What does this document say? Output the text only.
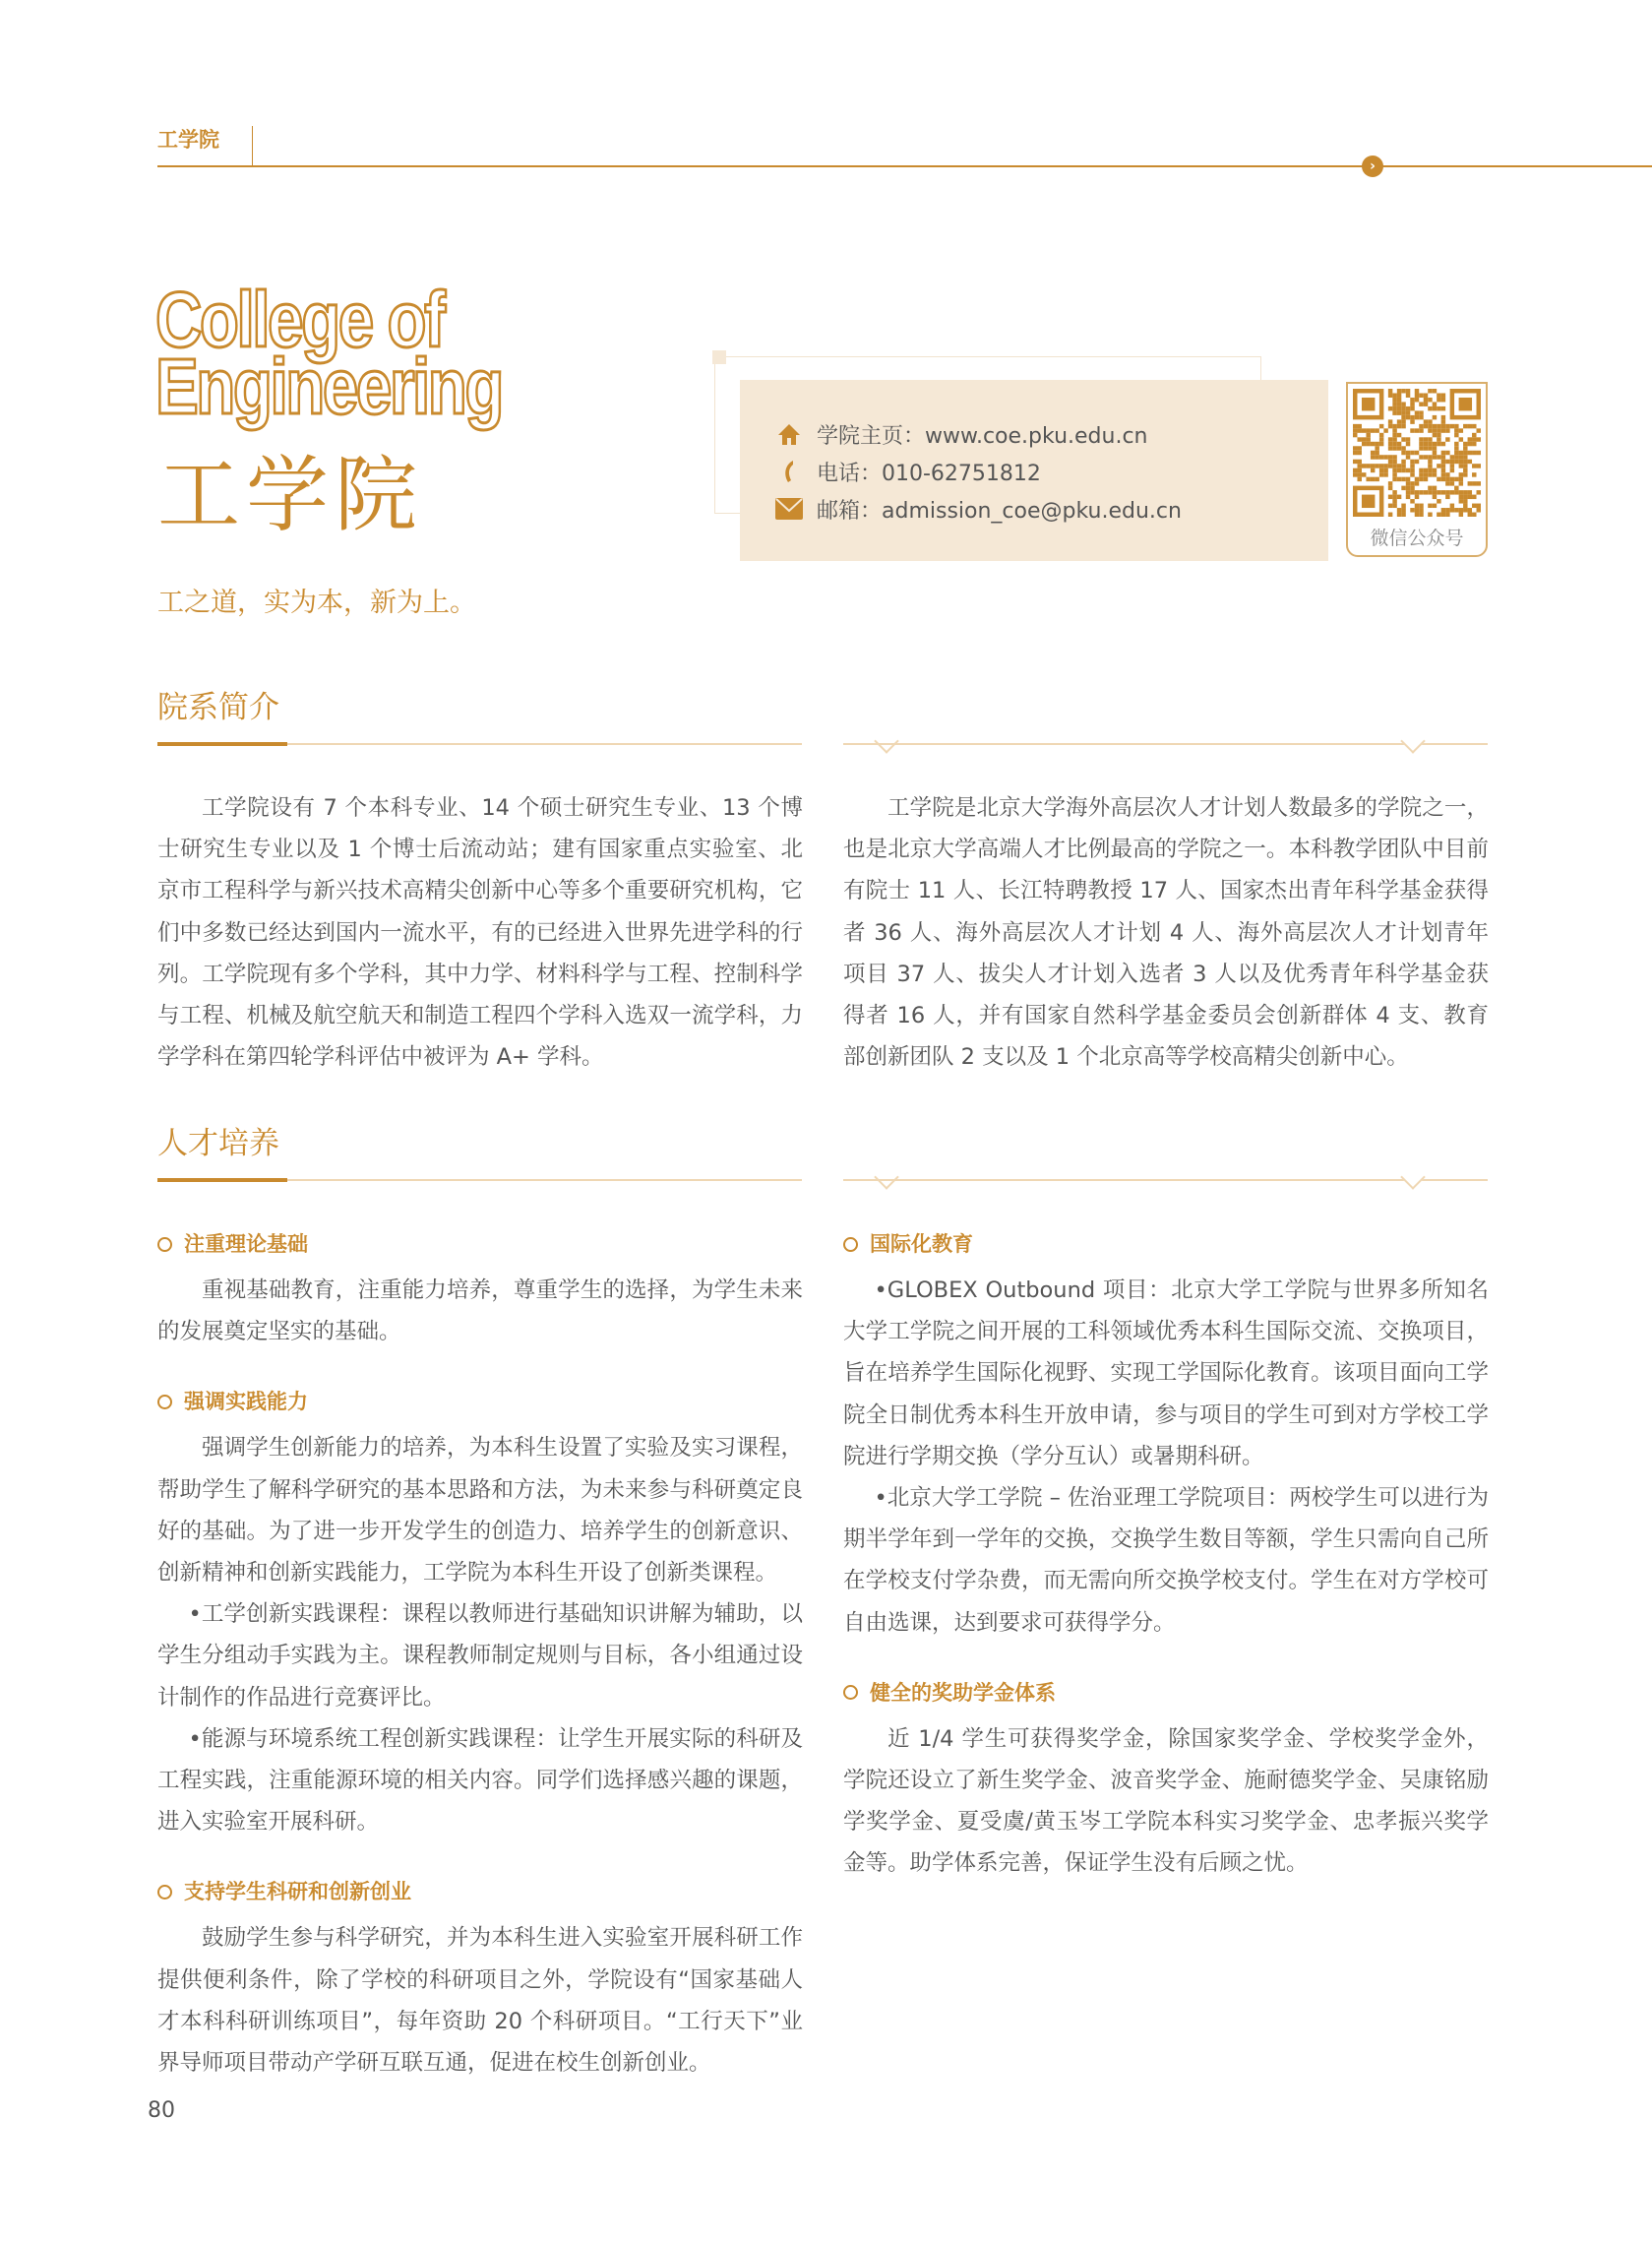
工学院
›
College of
Engineering
工学院
工之道，实为本，新为上。
学院主页：www.coe.pku.edu.cn
电话：010-62751812
邮箱：admission_coe@pku.edu.cn
微信公众号
院系简介

工学院设有 7 个本科专业、14 个硕士研究生专业、13 个博士研究生专业以及 1 个博士后流动站；建有国家重点实验室、北京市工程科学与新兴技术高精尖创新中心等多个重要研究机构，它们中多数已经达到国内一流水平，有的已经进入世界先进学科的行列。工学院现有多个学科，其中力学、材料科学与工程、控制科学与工程、机械及航空航天和制造工程四个学科入选双一流学科，力学学科在第四轮学科评估中被评为 A+ 学科。

工学院是北京大学海外高层次人才计划人数最多的学院之一，也是北京大学高端人才比例最高的学院之一。本科教学团队中目前有院士 11 人、长江特聘教授 17 人、国家杰出青年科学基金获得者 36 人、海外高层次人才计划 4 人、海外高层次人才计划青年项目 37 人、拔尖人才计划入选者 3 人以及优秀青年科学基金获得者 16 人，并有国家自然科学基金委员会创新群体 4 支、教育部创新团队 2 支以及 1 个北京高等学校高精尖创新中心。

人才培养
注重理论基础

重视基础教育，注重能力培养，尊重学生的选择，为学生未来的发展奠定坚实的基础。

强调实践能力

强调学生创新能力的培养，为本科生设置了实验及实习课程，帮助学生了解科学研究的基本思路和方法，为未来参与科研奠定良好的基础。为了进一步开发学生的创造力、培养学生的创新意识、创新精神和创新实践能力，工学院为本科生开设了创新类课程。

•工学创新实践课程：课程以教师进行基础知识讲解为辅助，以学生分组动手实践为主。课程教师制定规则与目标，各小组通过设计制作的作品进行竞赛评比。

•能源与环境系统工程创新实践课程：让学生开展实际的科研及工程实践，注重能源环境的相关内容。同学们选择感兴趣的课题，进入实验室开展科研。

支持学生科研和创新创业

鼓励学生参与科学研究，并为本科生进入实验室开展科研工作提供便利条件，除了学校的科研项目之外，学院设有“国家基础人才本科科研训练项目”，每年资助 20 个科研项目。“工行天下”业界导师项目带动产学研互联互通，促进在校生创新创业。

国际化教育

•GLOBEX Outbound 项目：北京大学工学院与世界多所知名大学工学院之间开展的工科领域优秀本科生国际交流、交换项目，旨在培养学生国际化视野、实现工学国际化教育。该项目面向工学院全日制优秀本科生开放申请，参与项目的学生可到对方学校工学院进行学期交换（学分互认）或暑期科研。

•北京大学工学院 – 佐治亚理工学院项目：两校学生可以进行为期半学年到一学年的交换，交换学生数目等额，学生只需向自己所在学校支付学杂费，而无需向所交换学校支付。学生在对方学校可自由选课，达到要求可获得学分。

健全的奖助学金体系

近 1/4 学生可获得奖学金，除国家奖学金、学校奖学金外，学院还设立了新生奖学金、波音奖学金、施耐德奖学金、吴康铭励学奖学金、夏受虞/黄玉岑工学院本科实习奖学金、忠孝振兴奖学金等。助学体系完善，保证学生没有后顾之忧。

80
